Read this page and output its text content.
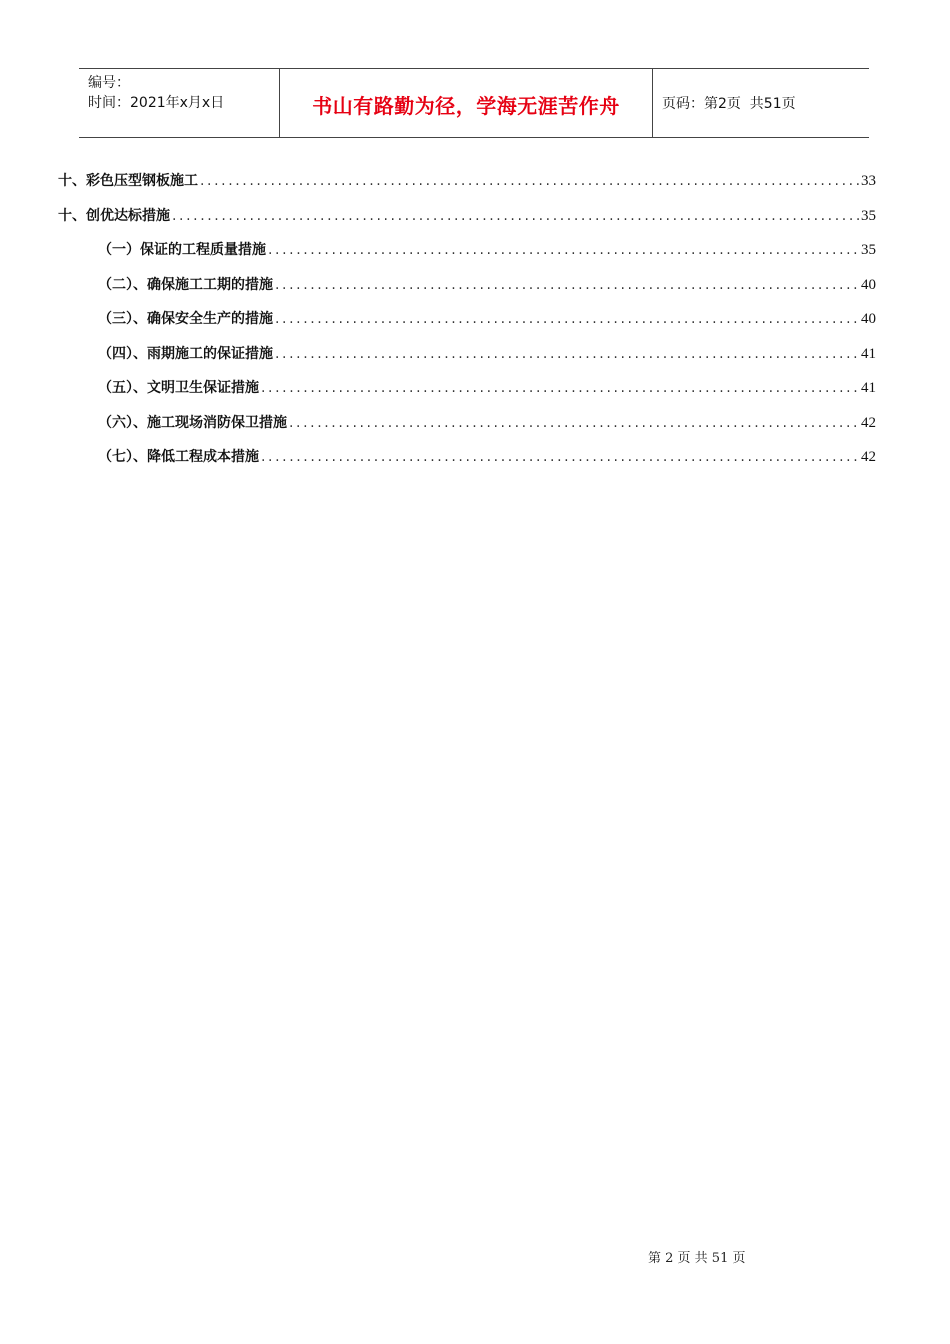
编号：
时间：2021年x月x日	书山有路勤为径，学海无涯苦作舟	页码：第2页  共51页
十、彩色压型钢板施工 .....	33
十、创优达标措施 .....	35
（一）保证的工程质量措施 .....	35
（二）、确保施工工期的措施 .....	40
（三）、确保安全生产的措施 .....	40
（四）、雨期施工的保证措施 .....	41
（五）、文明卫生保证措施 .....	41
（六）、施工现场消防保卫措施 .....	42
（七）、降低工程成本措施 .....	42
第 2 页 共 51 页
